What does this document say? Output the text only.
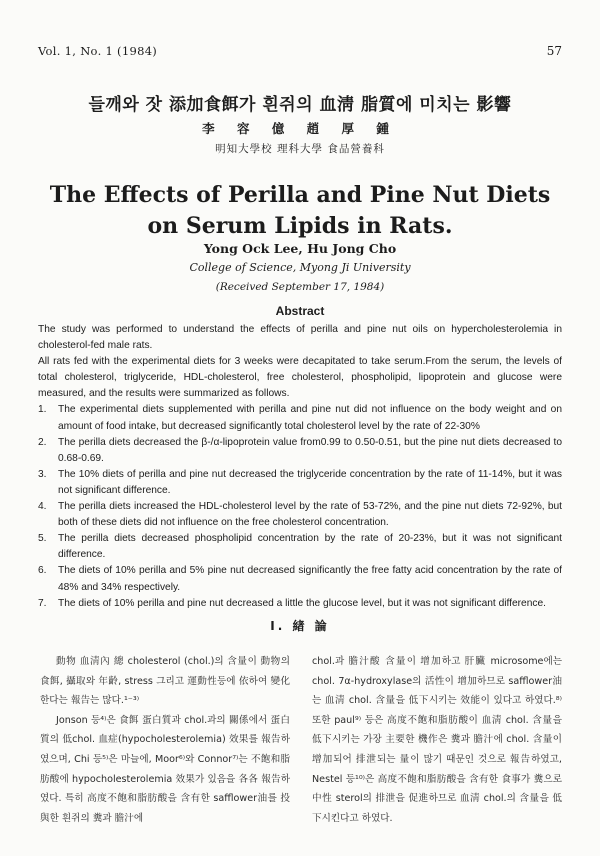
Vol. 1, No. 1 (1984)	57
들깨와 잣 添加食餌가 흰쥐의 血淸 脂質에 미치는 影響
李 容 億 趙 厚 鍾
明知大學校 理科大學 食品營養科
The Effects of Perilla and Pine Nut Diets
on Serum Lipids in Rats.
Yong Ock Lee, Hu Jong Cho
College of Science, Myong Ji University
(Received September 17, 1984)
Abstract

The study was performed to understand the effects of perilla and pine nut oils on hypercholesterolemia in cholesterol-fed male rats.

All rats fed with the experimental diets for 3 weeks were decapitated to take serum.From the serum, the levels of total cholesterol, triglyceride, HDL-cholesterol, free cholesterol, phospholipid, lipoprotein and glucose were measured, and the results were summarized as follows.

1. The experimental diets supplemented with perilla and pine nut did not influence on the body weight and on amount of food intake, but decreased significantly total cholesterol level by the rate of 22-30%
2. The perilla diets decreased the β-/α-lipoprotein value from0.99 to 0.50-0.51, but the pine nut diets decreased to 0.68-0.69.
3. The 10% diets of perilla and pine nut decreased the triglyceride concentration by the rate of 11-14%, but it was not significant difference.
4. The perilla diets increased the HDL-cholesterol level by the rate of 53-72%, and the pine nut diets 72-92%, but both of these diets did not influence on the free cholesterol concentration.
5. The perilla diets decreased phospholipid concentration by the rate of 20-23%, but it was not significant difference.
6. The diets of 10% perilla and 5% pine nut decreased significantly the free fatty acid concentration by the rate of 48% and 34% respectively.
7. The diets of 10% perilla and pine nut decreased a little the glucose level, but it was not significant difference.
I. 緖 論

動物 血淸內 總 cholesterol (chol.)의 含量이 動物의 食餌, 攝取와 年齡, stress 그리고 運動性등에 依하여 變化한다는 報告는 많다.¹⁻³⁾

Jonson 등⁴⁾은 食餌 蛋白質과 chol.과의 關係에서 蛋白質의 低chol. 血症(hypocholesterolemia) 效果를 報告하였으며, Chi 등⁵⁾은 마늘에, Moor⁶⁾와 Connor⁷⁾는 不飽和脂肪酸에 hypocholesterolemia 效果가 있음을 各各 報告하였다. 특히 高度不飽和脂肪酸을 含有한 safflower油를 投與한 흰쥐의 糞과 膽汁에

chol.과 膽汁酸 含量이 增加하고 肝臟 microsome에는 chol. 7α-hydroxylase의 活性이 增加하므로 safflower油는 血淸 chol. 含量을 低下시키는 效能이 있다고 하였다.⁸⁾ 또한 paul⁹⁾ 등은 高度不飽和脂肪酸이 血淸 chol. 含量을 低下시키는 가장 主要한 機作은 糞과 膽汁에 chol. 含量이 增加되어 排泄되는 量이 많기 때문인 것으로 報告하였고, Nestel 등¹⁰⁾은 高度不飽和脂肪酸을 含有한 食事가 糞으로 中性 sterol의 排泄을 促進하므로 血淸 chol.의 含量을 低下시킨다고 하였다.
